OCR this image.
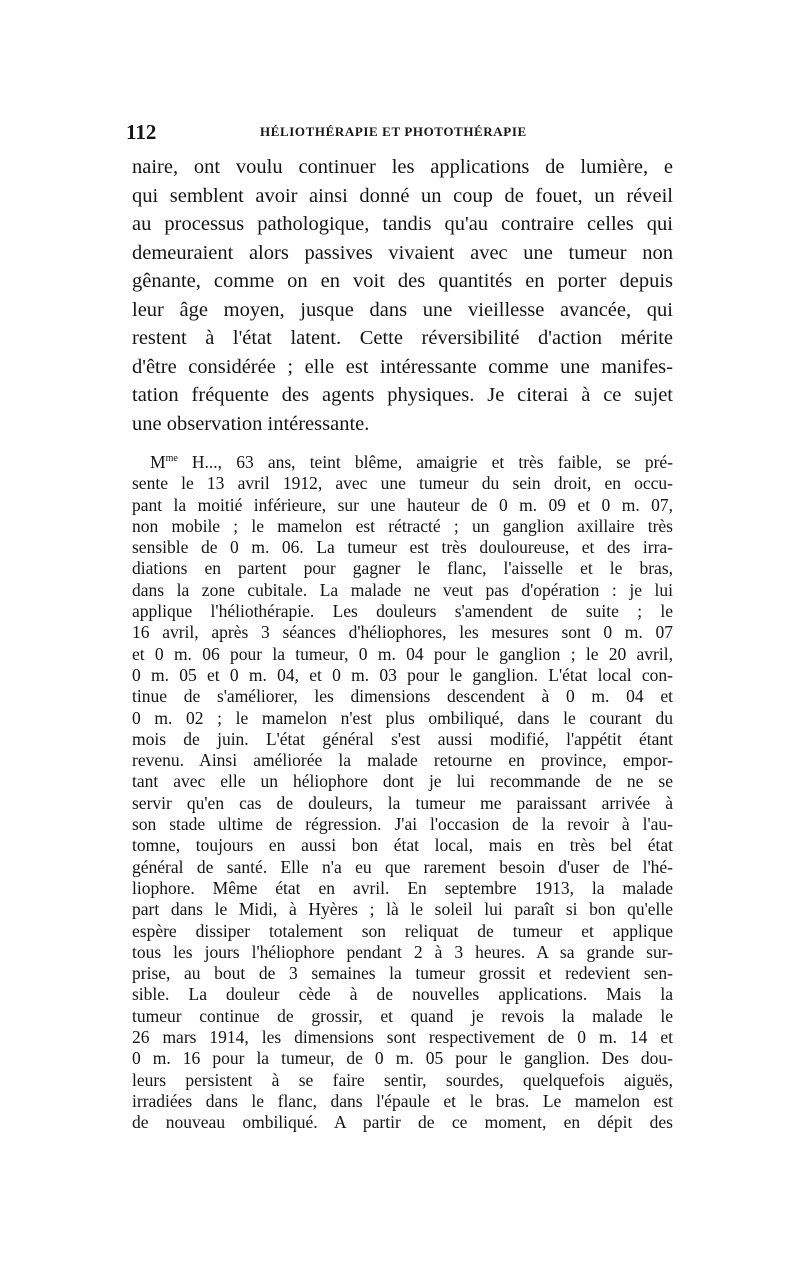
112	HÉLIOTHÉRAPIE ET PHOTOTHÉRAPIE

naire, ont voulu continuer les applications de lumière, e
qui semblent avoir ainsi donné un coup de fouet, un réveil
au processus pathologique, tandis qu'au contraire celles qui
demeuraient alors passives vivaient avec une tumeur non
gênante, comme on en voit des quantités en porter depuis
leur âge moyen, jusque dans une vieillesse avancée, qui
restent à l'état latent. Cette réversibilité d'action mérite
d'être considérée ; elle est intéressante comme une manifes-
tation fréquente des agents physiques. Je citerai à ce sujet
une observation intéressante.

$M^{me}$ H..., 63 ans, teint blême, amaigrie et très faible, se pré-
sente le 13 avril 1912, avec une tumeur du sein droit, en occu-
pant la moitié inférieure, sur une hauteur de 0 m. 09 et 0 m. 07,
non mobile ; le mamelon est rétracté ; un ganglion axillaire très
sensible de 0 m. 06. La tumeur est très douloureuse, et des irra-
diations en partent pour gagner le flanc, l'aisselle et le bras,
dans la zone cubitale. La malade ne veut pas d'opération : je lui
applique l'héliothérapie. Les douleurs s'amendent de suite ; le
16 avril, après 3 séances d'héliophores, les mesures sont 0 m. 07
et 0 m. 06 pour la tumeur, 0 m. 04 pour le ganglion ; le 20 avril,
0 m. 05 et 0 m. 04, et 0 m. 03 pour le ganglion. L'état local con-
tinue de s'améliorer, les dimensions descendent à 0 m. 04 et
0 m. 02 ; le mamelon n'est plus ombiliqué, dans le courant du
mois de juin. L'état général s'est aussi modifié, l'appétit étant
revenu. Ainsi améliorée la malade retourne en province, empor-
tant avec elle un héliophore dont je lui recommande de ne se
servir qu'en cas de douleurs, la tumeur me paraissant arrivée à
son stade ultime de régression. J'ai l'occasion de la revoir à l'au-
tomne, toujours en aussi bon état local, mais en très bel état
général de santé. Elle n'a eu que rarement besoin d'user de l'hé-
liophore. Même état en avril. En septembre 1913, la malade
part dans le Midi, à Hyères ; là le soleil lui paraît si bon qu'elle
espère dissiper totalement son reliquat de tumeur et applique
tous les jours l'héliophore pendant 2 à 3 heures. A sa grande sur-
prise, au bout de 3 semaines la tumeur grossit et redevient sen-
sible. La douleur cède à de nouvelles applications. Mais la
tumeur continue de grossir, et quand je revois la malade le
26 mars 1914, les dimensions sont respectivement de 0 m. 14 et
0 m. 16 pour la tumeur, de 0 m. 05 pour le ganglion. Des dou-
leurs persistent à se faire sentir, sourdes, quelquefois aiguës,
irradiées dans le flanc, dans l'épaule et le bras. Le mamelon est
de nouveau ombiliqué. A partir de ce moment, en dépit des
